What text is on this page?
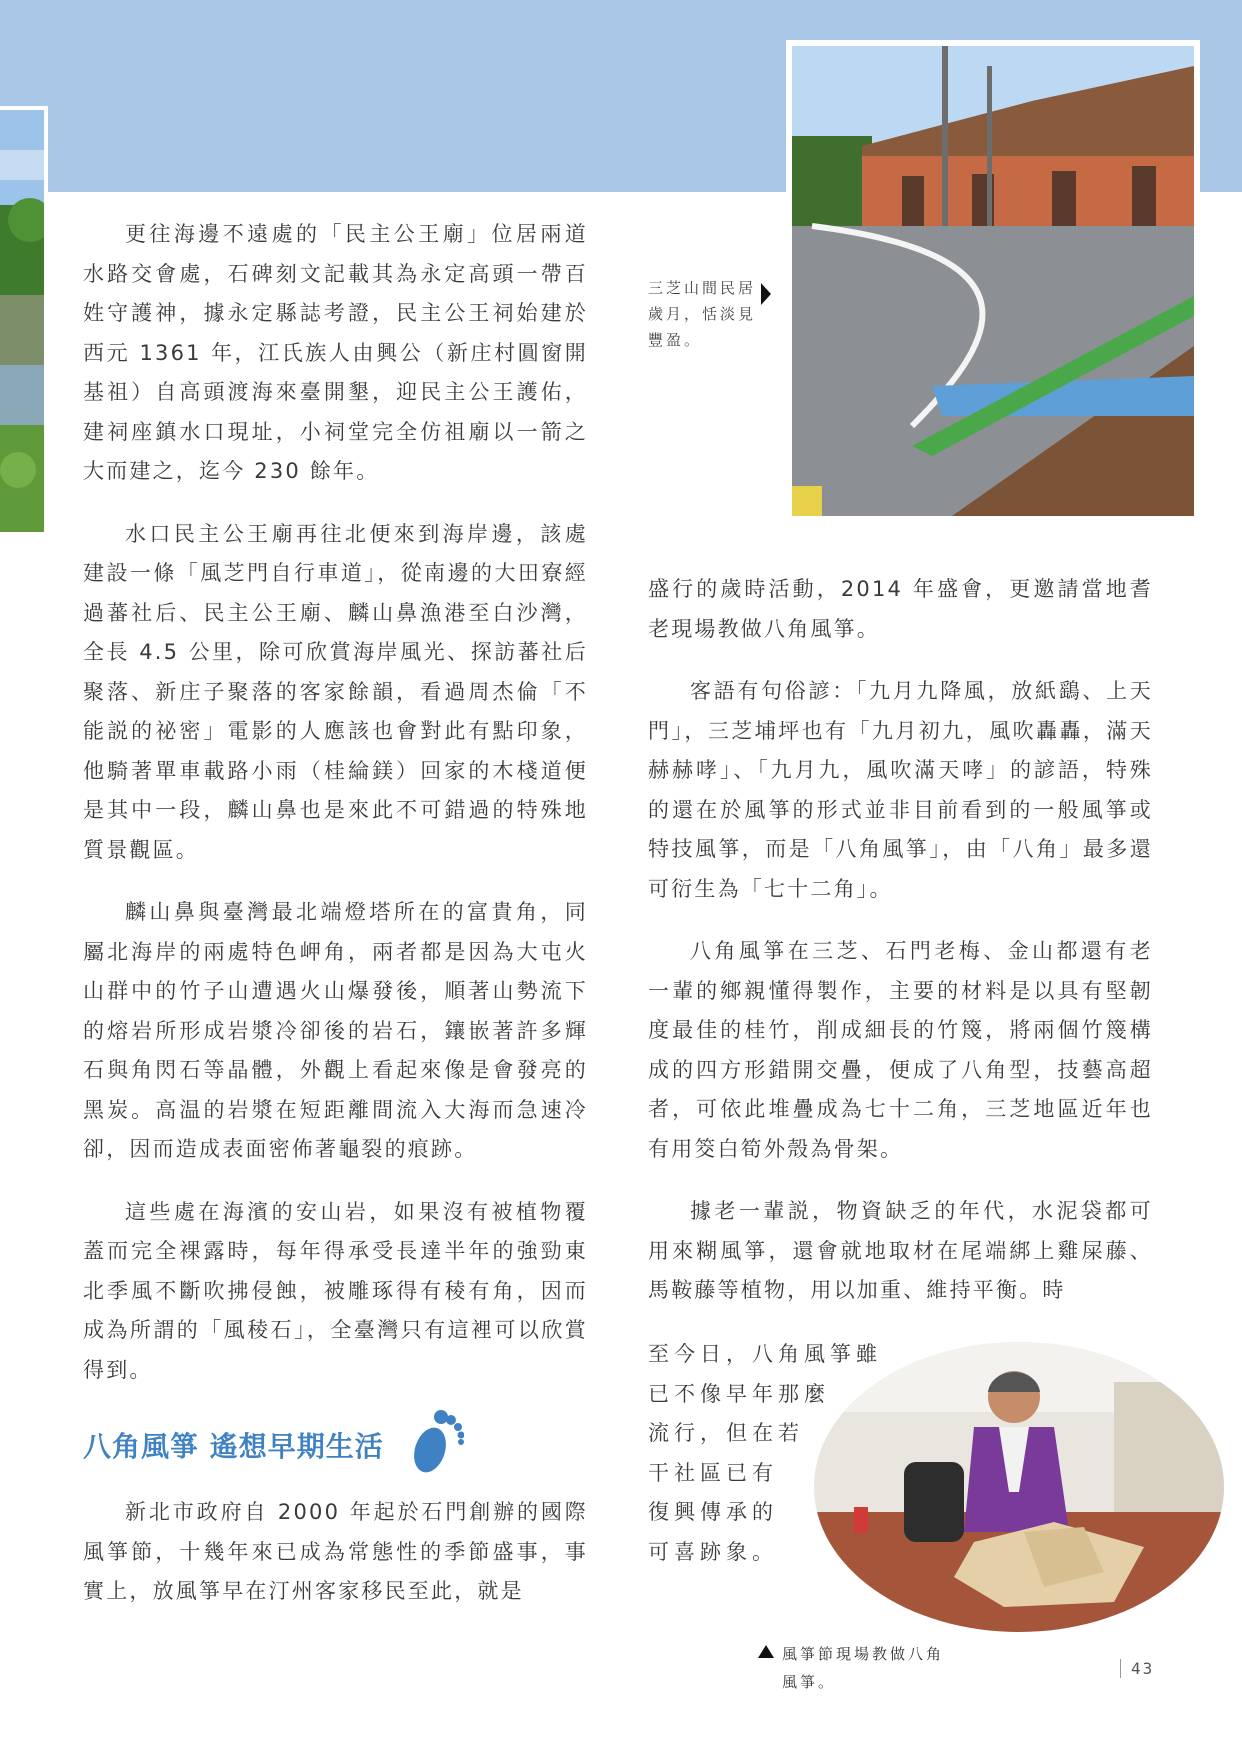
三芝山間民居歲月，恬淡見豐盈。

更往海邊不遠處的「民主公王廟」位居兩道水路交會處，石碑刻文記載其為永定高頭一帶百姓守護神，據永定縣誌考證，民主公王祠始建於西元 1361 年，江氏族人由興公（新庄村圓窗開基祖）自高頭渡海來臺開墾，迎民主公王護佑，建祠座鎮水口現址，小祠堂完全仿祖廟以一箭之大而建之，迄今 230 餘年。

水口民主公王廟再往北便來到海岸邊，該處建設一條「風芝門自行車道」，從南邊的大田寮經過蕃社后、民主公王廟、麟山鼻漁港至白沙灣，全長 4.5 公里，除可欣賞海岸風光、探訪蕃社后聚落、新庄子聚落的客家餘韻，看過周杰倫「不能説的祕密」電影的人應該也會對此有點印象，他騎著單車載路小雨（桂綸鎂）回家的木棧道便是其中一段，麟山鼻也是來此不可錯過的特殊地質景觀區。

麟山鼻與臺灣最北端燈塔所在的富貴角，同屬北海岸的兩處特色岬角，兩者都是因為大屯火山群中的竹子山遭遇火山爆發後，順著山勢流下的熔岩所形成岩漿冷卻後的岩石，鑲嵌著許多輝石與角閃石等晶體，外觀上看起來像是會發亮的黑炭。高温的岩漿在短距離間流入大海而急速冷卻，因而造成表面密佈著龜裂的痕跡。

這些處在海濱的安山岩，如果沒有被植物覆蓋而完全裸露時，每年得承受長達半年的強勁東北季風不斷吹拂侵蝕，被雕琢得有稜有角，因而成為所謂的「風稜石」，全臺灣只有這裡可以欣賞得到。

八角風箏 遙想早期生活

新北市政府自 2000 年起於石門創辦的國際風箏節，十幾年來已成為常態性的季節盛事，事實上，放風箏早在汀州客家移民至此，就是

盛行的歲時活動，2014 年盛會，更邀請當地耆老現場教做八角風箏。

客語有句俗諺：「九月九降風，放紙鷂、上天門」，三芝埔坪也有「九月初九，風吹轟轟，滿天赫赫哮」、「九月九，風吹滿天哮」的諺語，特殊的還在於風箏的形式並非目前看到的一般風箏或特技風箏，而是「八角風箏」，由「八角」最多還可衍生為「七十二角」。

八角風箏在三芝、石門老梅、金山都還有老一輩的鄉親懂得製作，主要的材料是以具有堅韌度最佳的桂竹，削成細長的竹篾，將兩個竹篾構成的四方形錯開交疊，便成了八角型，技藝高超者，可依此堆疊成為七十二角，三芝地區近年也有用筊白筍外殼為骨架。

據老一輩説，物資缺乏的年代，水泥袋都可用來糊風箏，還會就地取材在尾端綁上雞屎藤、馬鞍藤等植物，用以加重、維持平衡。時

至今日，八角風箏雖
已不像早年那麼
流行，但在若
干社區已有
復興傳承的
可喜跡象。
風箏節現場教做八角
風箏。
43
